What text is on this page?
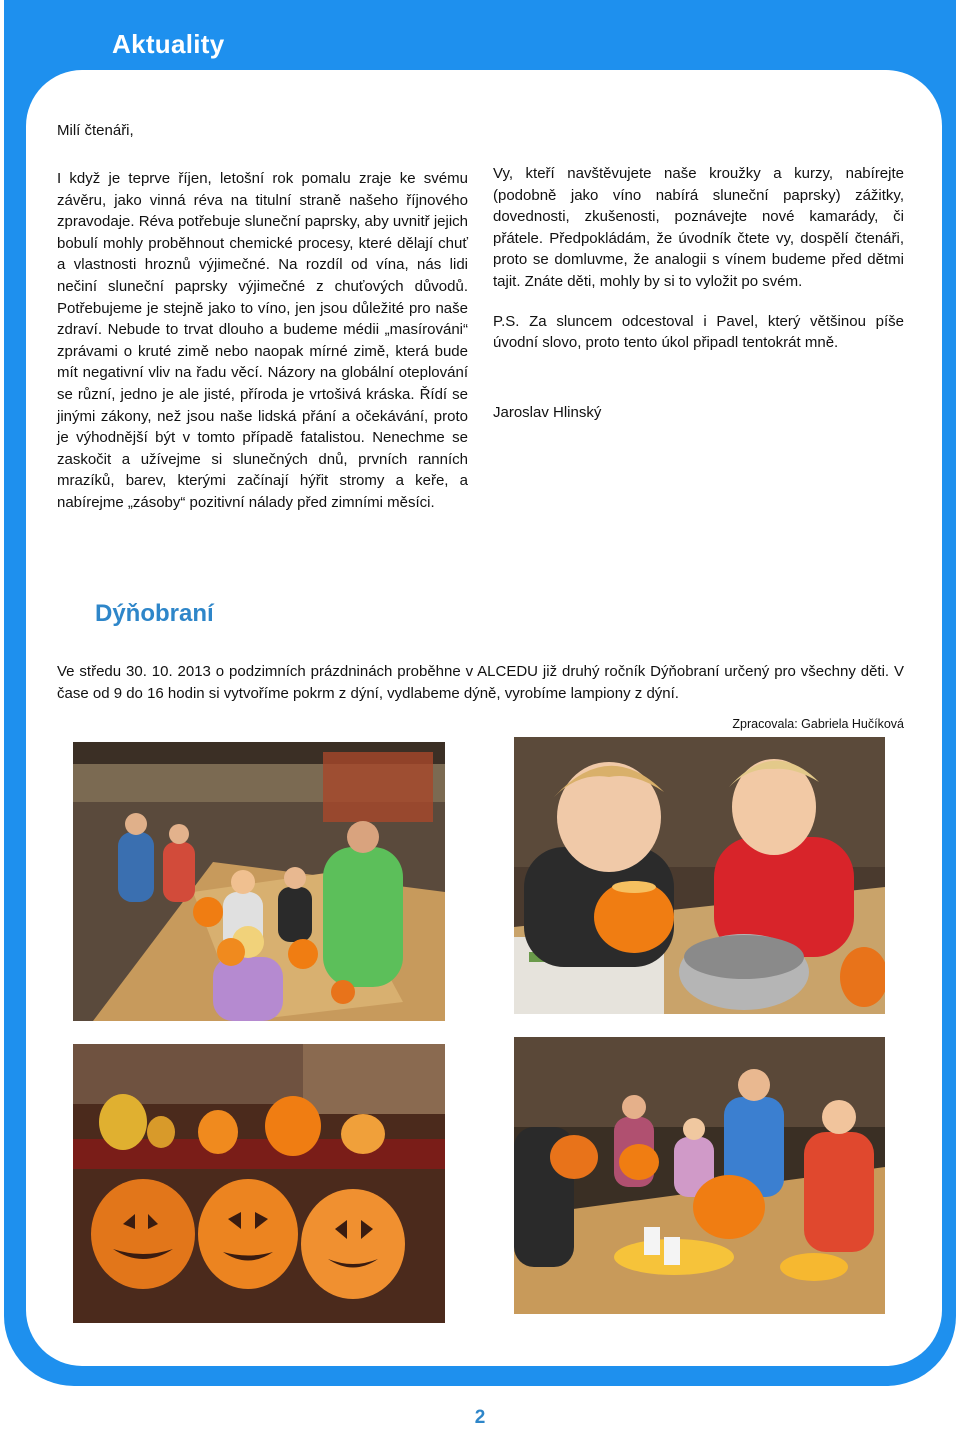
Aktuality
Milí čtenáři,

I když je teprve říjen, letošní rok pomalu zraje ke svému závěru, jako vinná réva na titulní straně našeho říjnového zpravodaje. Réva potřebuje sluneční paprsky, aby uvnitř jejich bobulí mohly proběhnout chemické procesy, které dělají chuť a vlastnosti hroznů výjimečné. Na rozdíl od vína, nás lidi nečiní sluneční paprsky výjimečné z chuťových důvodů. Potřebujeme je stejně jako to víno, jen jsou důležité pro naše zdraví. Nebude to trvat dlouho a budeme médii „masírováni“ zprávami o kruté zimě nebo naopak mírné zimě, která bude mít negativní vliv na řadu věcí. Názory na globální oteplování se různí, jedno je ale jisté, příroda je vrtošivá kráska. Řídí se jinými zákony, než jsou naše lidská přání a očekávání, proto je výhodnější být v tomto případě fatalistou. Nenechme se zaskočit a užívejme si slunečných dnů, prvních ranních mrazíků, barev, kterými začínají hýřit stromy a keře, a nabírejme „zásoby“ pozitivní nálady před zimními měsíci.

Vy, kteří navštěvujete naše kroužky a kurzy, nabírejte (podobně jako víno nabírá sluneční paprsky) zážitky, dovednosti, zkušenosti, poznávejte nové kamarády, či přátele. Předpokládám, že úvodník čtete vy, dospělí čtenáři, proto se domluvme, že analogii s vínem budeme před dětmi tajit. Znáte děti, mohly by si to vyložit po svém.

P.S. Za sluncem odcestoval i Pavel, který většinou píše úvodní slovo, proto tento úkol připadl tentokrát mně.

Jaroslav Hlinský

Dýňobraní
Ve středu 30. 10. 2013 o podzimních prázdninách proběhne v ALCEDU již druhý ročník Dýňobraní určený pro všechny děti. V čase od 9 do 16 hodin si vytvoříme pokrm z dýní, vydlabeme dýně, vyrobíme lampiony z dýní.
Zpracovala: Gabriela Hučíková
2
